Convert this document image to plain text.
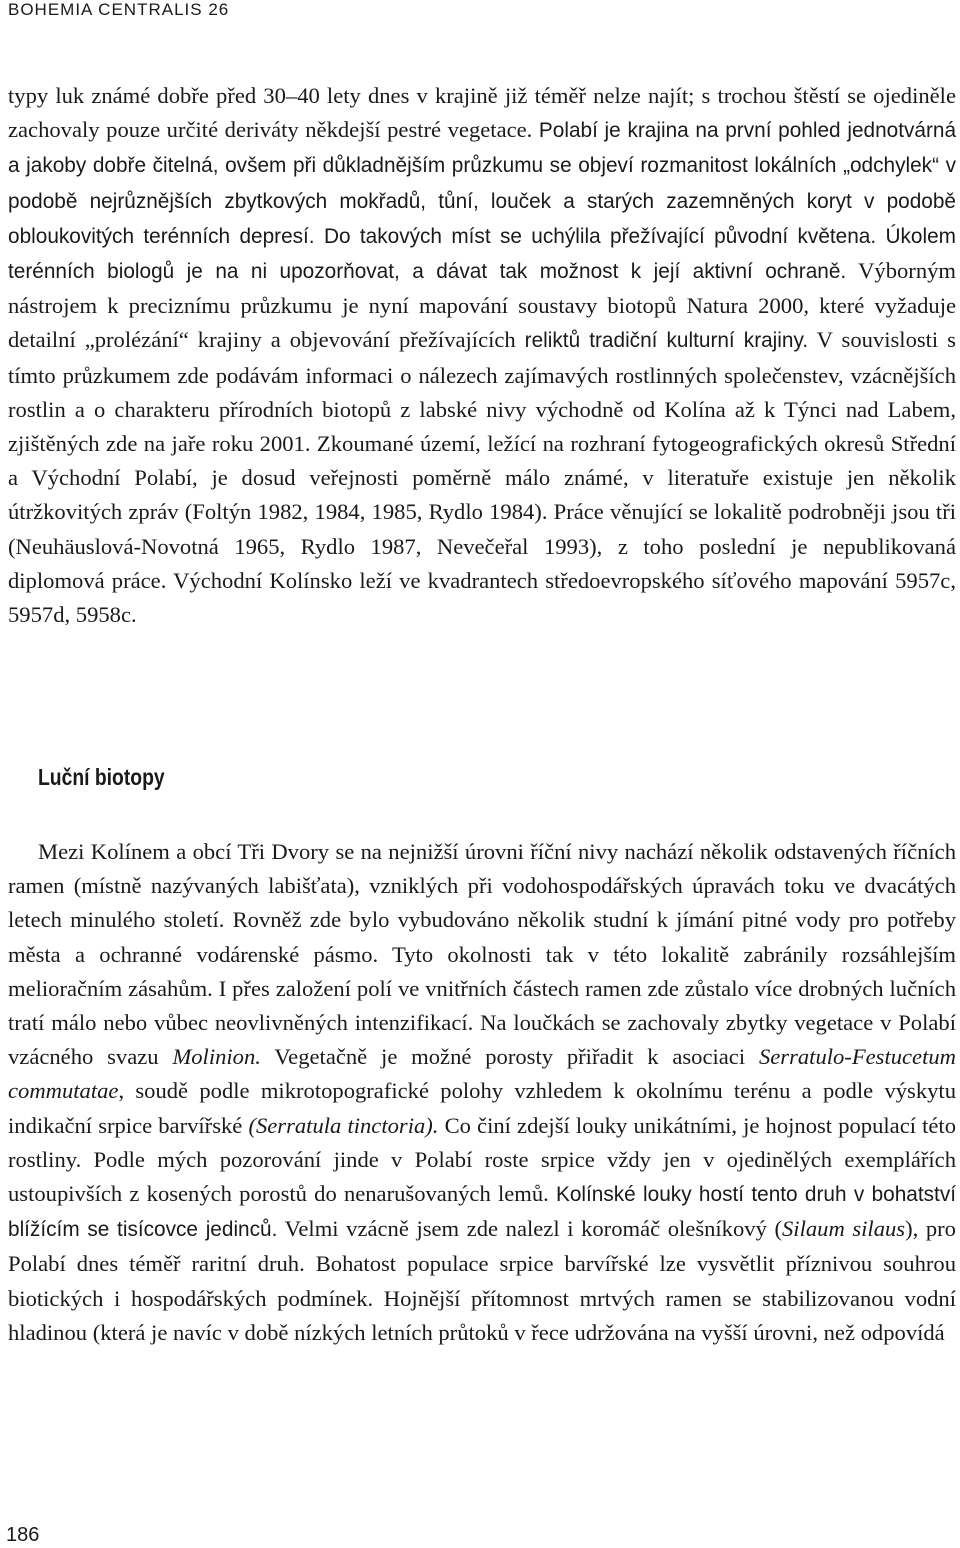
BOHEMIA CENTRALIS 26

typy luk známé dobře před 30–40 lety dnes v krajině již téměř nelze najít; s trochou štěstí se ojediněle zachovaly pouze určité deriváty někdejší pestré vegetace. Polabí je krajina na první pohled jednotvárná a jakoby dobře čitelná, ovšem při důkladnějším průzkumu se objeví rozmanitost lokálních „odchylek“ v podobě nejrůznějších zbytkových mokřadů, tůní, louček a starých zazemněných koryt v podobě obloukovitých terénních depresí. Do takových míst se uchýlila přežívající původní květena. Úkolem terénních biologů je na ni upozorňovat, a dávat tak možnost k její aktivní ochraně. Výborným nástrojem k preciznímu průzkumu je nyní mapování soustavy biotopů Natura 2000, které vyžaduje detailní „prolézání“ krajiny a objevování přežívajících reliktů tradiční kulturní krajiny. V souvislosti s tímto průzkumem zde podávám informaci o nálezech zajímavých rostlinných společenstev, vzácnějších rostlin a o charakteru přírodních biotopů z labské nivy východně od Kolína až k Týnci nad Labem, zjištěných zde na jaře roku 2001. Zkoumané území, ležící na rozhraní fytogeografických okresů Střední a Východní Polabí, je dosud veřejnosti poměrně málo známé, v literatuře existuje jen několik útržkovitých zpráv (Foltýn 1982, 1984, 1985, Rydlo 1984). Práce věnující se lokalitě podrobněji jsou tři (Neuhäuslová-Novotná 1965, Rydlo 1987, Nevečeřal 1993), z toho poslední je nepublikovaná diplomová práce. Východní Kolínsko leží ve kvadrantech středoevropského síťového mapování 5957c, 5957d, 5958c.

Luční biotopy

Mezi Kolínem a obcí Tři Dvory se na nejnižší úrovni říční nivy nachází několik odstavených říčních ramen (místně nazývaných labišťata), vzniklých při vodohospodářských úpravách toku ve dvacátých letech minulého století. Rovněž zde bylo vybudováno několik studní k jímání pitné vody pro potřeby města a ochranné vodárenské pásmo. Tyto okolnosti tak v této lokalitě zabránily rozsáhlejším melioračním zásahům. I přes založení polí ve vnitřních částech ramen zde zůstalo více drobných lučních tratí málo nebo vůbec neovlivněných intenzifikací. Na loučkách se zachovaly zbytky vegetace v Polabí vzácného svazu Molinion. Vegetačně je možné porosty přiřadit k asociaci Serratulo-Festucetum commutatae, soudě podle mikrotopografické polohy vzhledem k okolnímu terénu a podle výskytu indikační srpice barvířské (Serratula tinctoria). Co činí zdejší louky unikátními, je hojnost populací této rostliny. Podle mých pozorování jinde v Polabí roste srpice vždy jen v ojedinělých exemplářích ustoupivších z kosených porostů do nenarušovaných lemů. Kolínské louky hostí tento druh v bohatství blížícím se tisícovce jedinců. Velmi vzácně jsem zde nalezl i koromáč olešníkový (Silaum silaus), pro Polabí dnes téměř raritní druh. Bohatost populace srpice barvířské lze vysvětlit příznivou souhrou biotických i hospodářských podmínek. Hojnější přítomnost mrtvých ramen se stabilizovanou vodní hladinou (která je navíc v době nízkých letních průtoků v řece udržována na vyšší úrovni, než odpovídá

186
